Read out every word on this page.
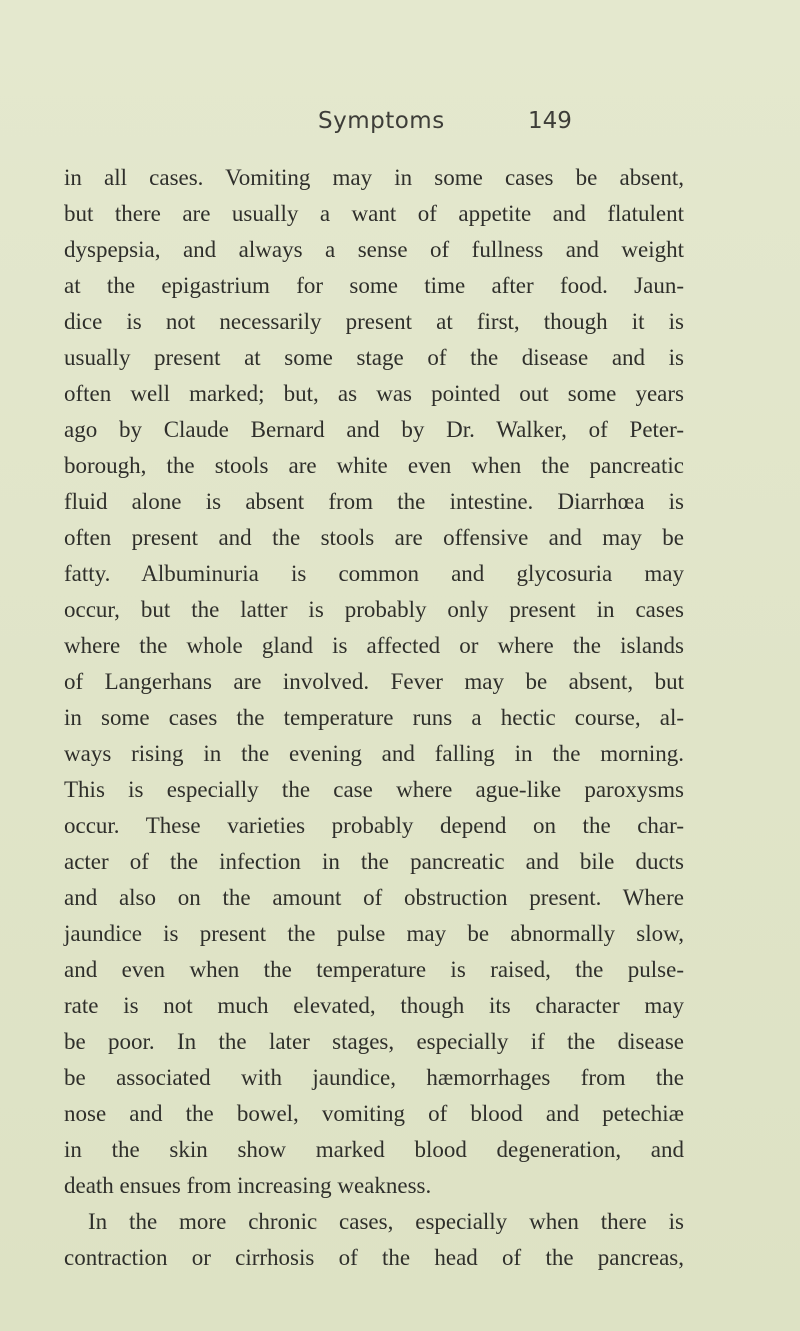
Symptoms	149

in all cases. Vomiting may in some cases be absent,

but there are usually a want of appetite and flatulent

dyspepsia, and always a sense of fullness and weight

at the epigastrium for some time after food. Jaun-

dice is not necessarily present at first, though it is

usually present at some stage of the disease and is

often well marked; but, as was pointed out some years

ago by Claude Bernard and by Dr. Walker, of Peter-

borough, the stools are white even when the pancreatic

fluid alone is absent from the intestine. Diarrhœa is

often present and the stools are offensive and may be

fatty. Albuminuria is common and glycosuria may

occur, but the latter is probably only present in cases

where the whole gland is affected or where the islands

of Langerhans are involved. Fever may be absent, but

in some cases the temperature runs a hectic course, al-

ways rising in the evening and falling in the morning.

This is especially the case where ague-like paroxysms

occur. These varieties probably depend on the char-

acter of the infection in the pancreatic and bile ducts

and also on the amount of obstruction present. Where

jaundice is present the pulse may be abnormally slow,

and even when the temperature is raised, the pulse-

rate is not much elevated, though its character may

be poor. In the later stages, especially if the disease

be associated with jaundice, hæmorrhages from the

nose and the bowel, vomiting of blood and petechiæ

in the skin show marked blood degeneration, and

death ensues from increasing weakness.

In the more chronic cases, especially when there is

contraction or cirrhosis of the head of the pancreas,
